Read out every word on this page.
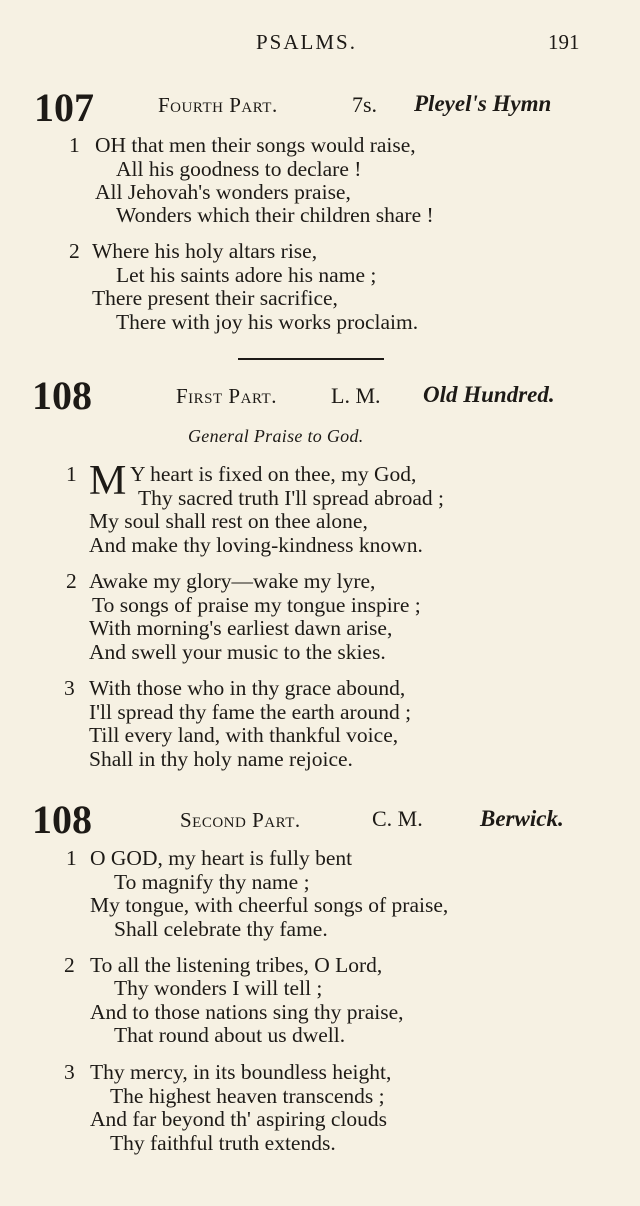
PSALMS.	191
107	Fourth Part.	7s. Pleyel's Hymn
1 OH that men their songs would raise,
All his goodness to declare !
All Jehovah's wonders praise,
Wonders which their children share !
2 Where his holy altars rise,
Let his saints adore his name ;
There present their sacrifice,
There with joy his works proclaim.
108	First Part. L. M. Old Hundred.
General Praise to God.
1 M Y heart is fixed on thee, my God,
Thy sacred truth I'll spread abroad ;
My soul shall rest on thee alone,
And make thy loving-kindness known.
2 Awake my glory—wake my lyre,
To songs of praise my tongue inspire ;
With morning's earliest dawn arise,
And swell your music to the skies.
3 With those who in thy grace abound,
I'll spread thy fame the earth around ;
Till every land, with thankful voice,
Shall in thy holy name rejoice.
108	Second Part.	C. M. Berwick.
1 O GOD, my heart is fully bent
To magnify thy name ;
My tongue, with cheerful songs of praise,
Shall celebrate thy fame.
2 To all the listening tribes, O Lord,
Thy wonders I will tell ;
And to those nations sing thy praise,
That round about us dwell.
3 Thy mercy, in its boundless height,
The highest heaven transcends ;
And far beyond th' aspiring clouds
Thy faithful truth extends.
